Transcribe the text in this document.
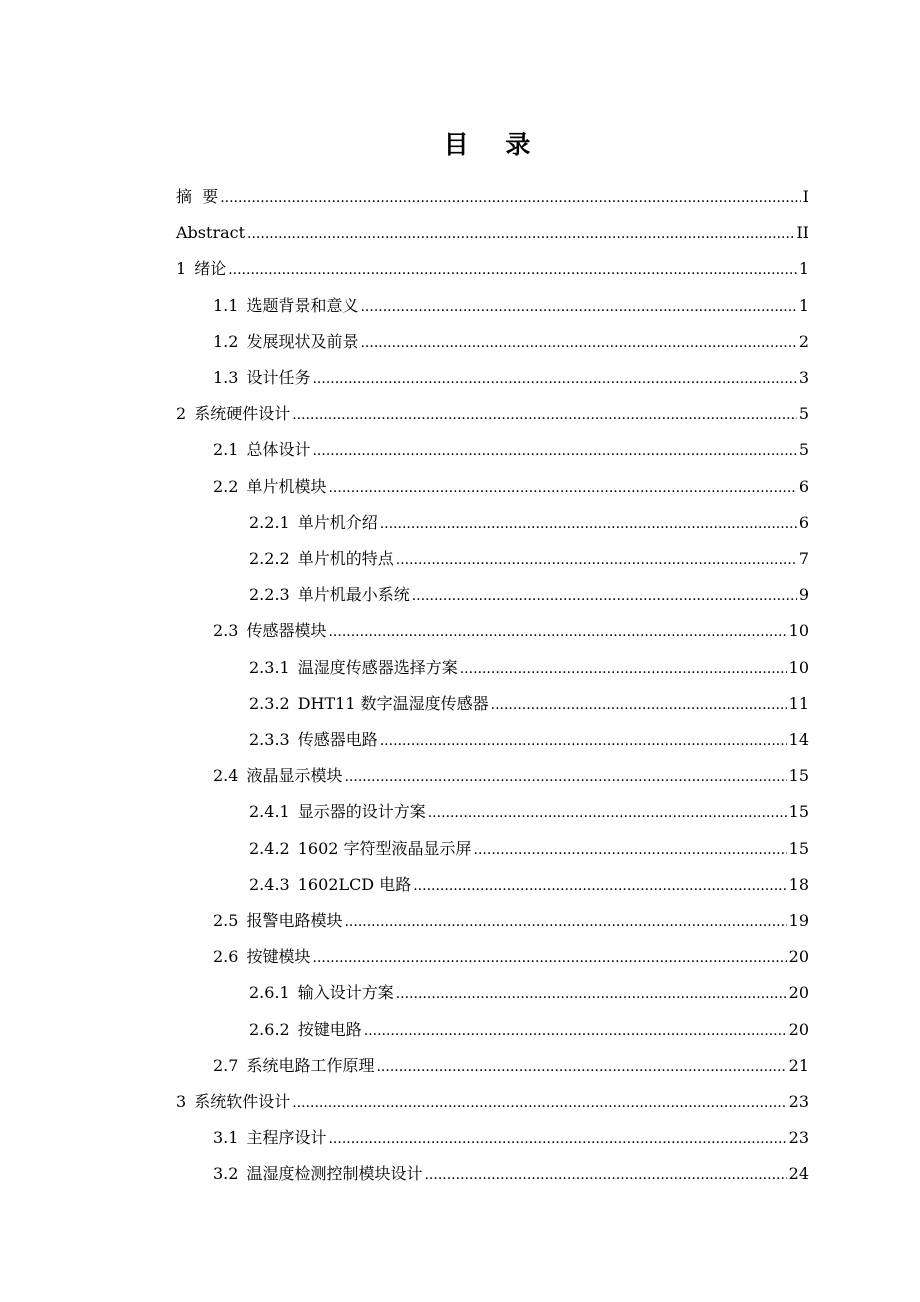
目 录
摘  要 .....	I
Abstract .....	II
1 绪论 .....	1
1.1 选题背景和意义 .....	1
1.2 发展现状及前景 .....	2
1.3 设计任务 .....	3
2 系统硬件设计 .....	5
2.1 总体设计 .....	5
2.2 单片机模块 .....	6
2.2.1 单片机介绍 .....	6
2.2.2 单片机的特点 .....	7
2.2.3 单片机最小系统 .....	9
2.3 传感器模块 .....	10
2.3.1 温湿度传感器选择方案 .....	10
2.3.2 DHT11 数字温湿度传感器 .....	11
2.3.3 传感器电路 .....	14
2.4 液晶显示模块 .....	15
2.4.1 显示器的设计方案 .....	15
2.4.2 1602 字符型液晶显示屏 .....	15
2.4.3 1602LCD 电路 .....	18
2.5 报警电路模块 .....	19
2.6 按键模块 .....	20
2.6.1 输入设计方案 .....	20
2.6.2 按键电路 .....	20
2.7 系统电路工作原理 .....	21
3 系统软件设计 .....	23
3.1 主程序设计 .....	23
3.2 温湿度检测控制模块设计 .....	24
